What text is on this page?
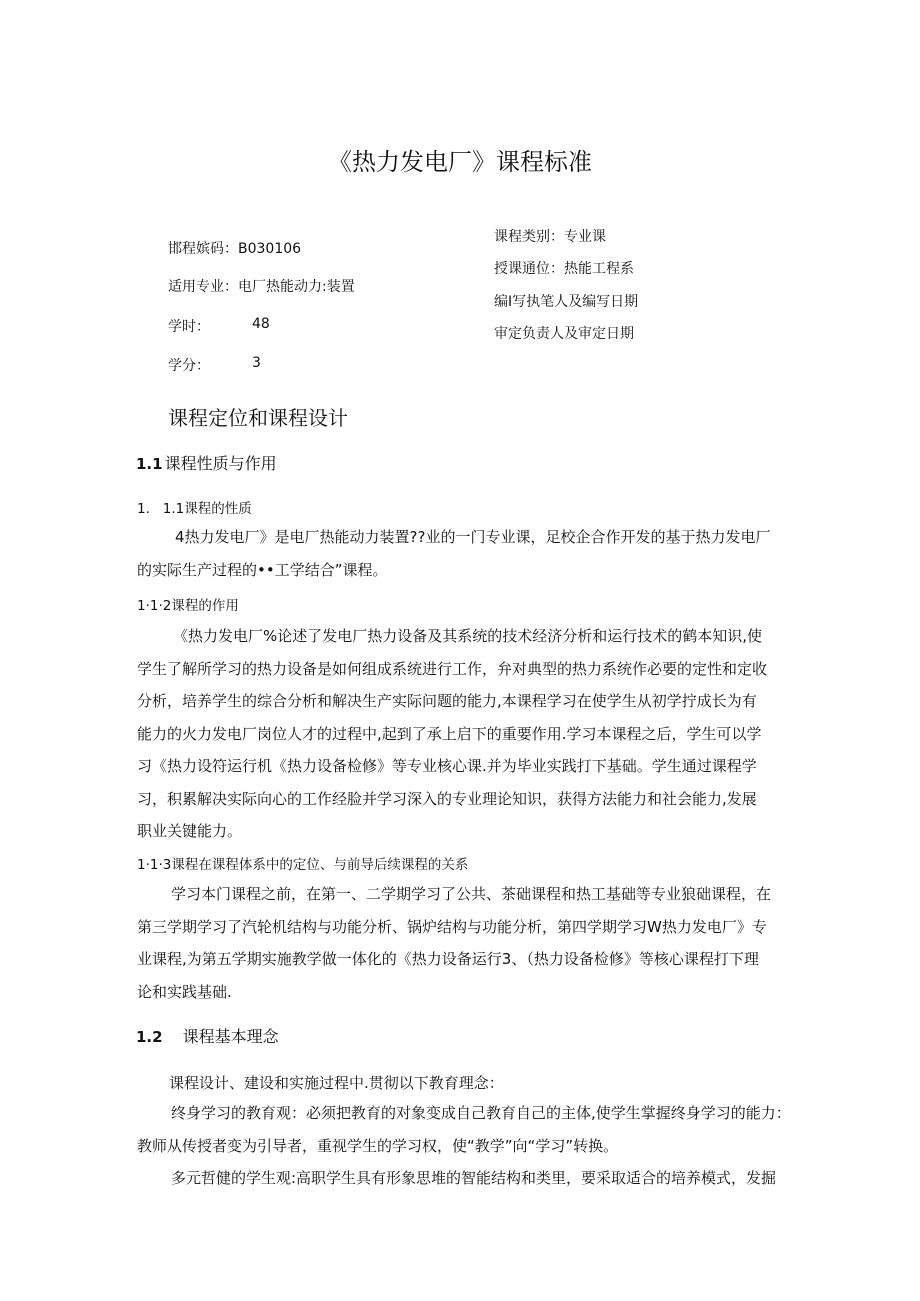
《热力发电厂》课程标准
邯程嫔码：B030106
适用专业：电厂热能动力:装置
学时：	48
学分：	3
课程类别：专业课
授课通位：热能工程系
编I写执笔人及编写日期
审定负责人及审定日期
课程定位和课程设计
1.1 课程性质与作用
1.   1.1课程的性质
4热力发电厂》是电厂热能动力装置??业的一门专业课，足校企合作开发的基于热力发电厂
的实际生产过程的••工学结合”课程。
1·1·2课程的作用
《热力发电厂%论述了发电厂热力设备及其系统的技术经济分析和运行技术的鹤本知识,使
学生了解所学习的热力设备是如何组成系统进行工作，弁对典型的热力系统作必要的定性和定收
分析，培养学生的综合分析和解决生产实际问题的能力,本课程学习在使学生从初学拧成长为有
能力的火力发电厂岗位人才的过程中,起到了承上启下的重要作用.学习本课程之后，学生可以学
习《热力设符运行机《热力设备检修》等专业核心课.并为毕业实践打下基础。学生通过课程学
习，积累解决实际向心的工作经脸并学习深入的专业理论知识，获得方法能力和社会能力,发展
职业关键能力。
1·1·3课程在课程体系中的定位、与前导后续课程的关系
学习本门课程之前，在第一、二学期学习了公共、茶础课程和热工基础等专业狼础课程，在
第三学期学习了汽轮机结构与功能分析、锅炉结构与功能分析，第四学期学习W热力发电厂》专
业课程,为第五学期实施教学做一体化的《热力设备运行3、（热力设备检修》等核心课程打下理
论和实践基础.
1.2 课程基本理念
课程设计、建设和实施过程中.贯彻以下教育理念：
终身学习的教育观：必须把教育的对象变成自己教育自己的主体,使学生掌握终身学习的能力：
教师从传授者变为引导者，重视学生的学习权，使“教学”向“学习”转换。
多元哲健的学生观:高职学生具有形象思堆的智能结构和类里，要采取适合的培养模式，发掘
